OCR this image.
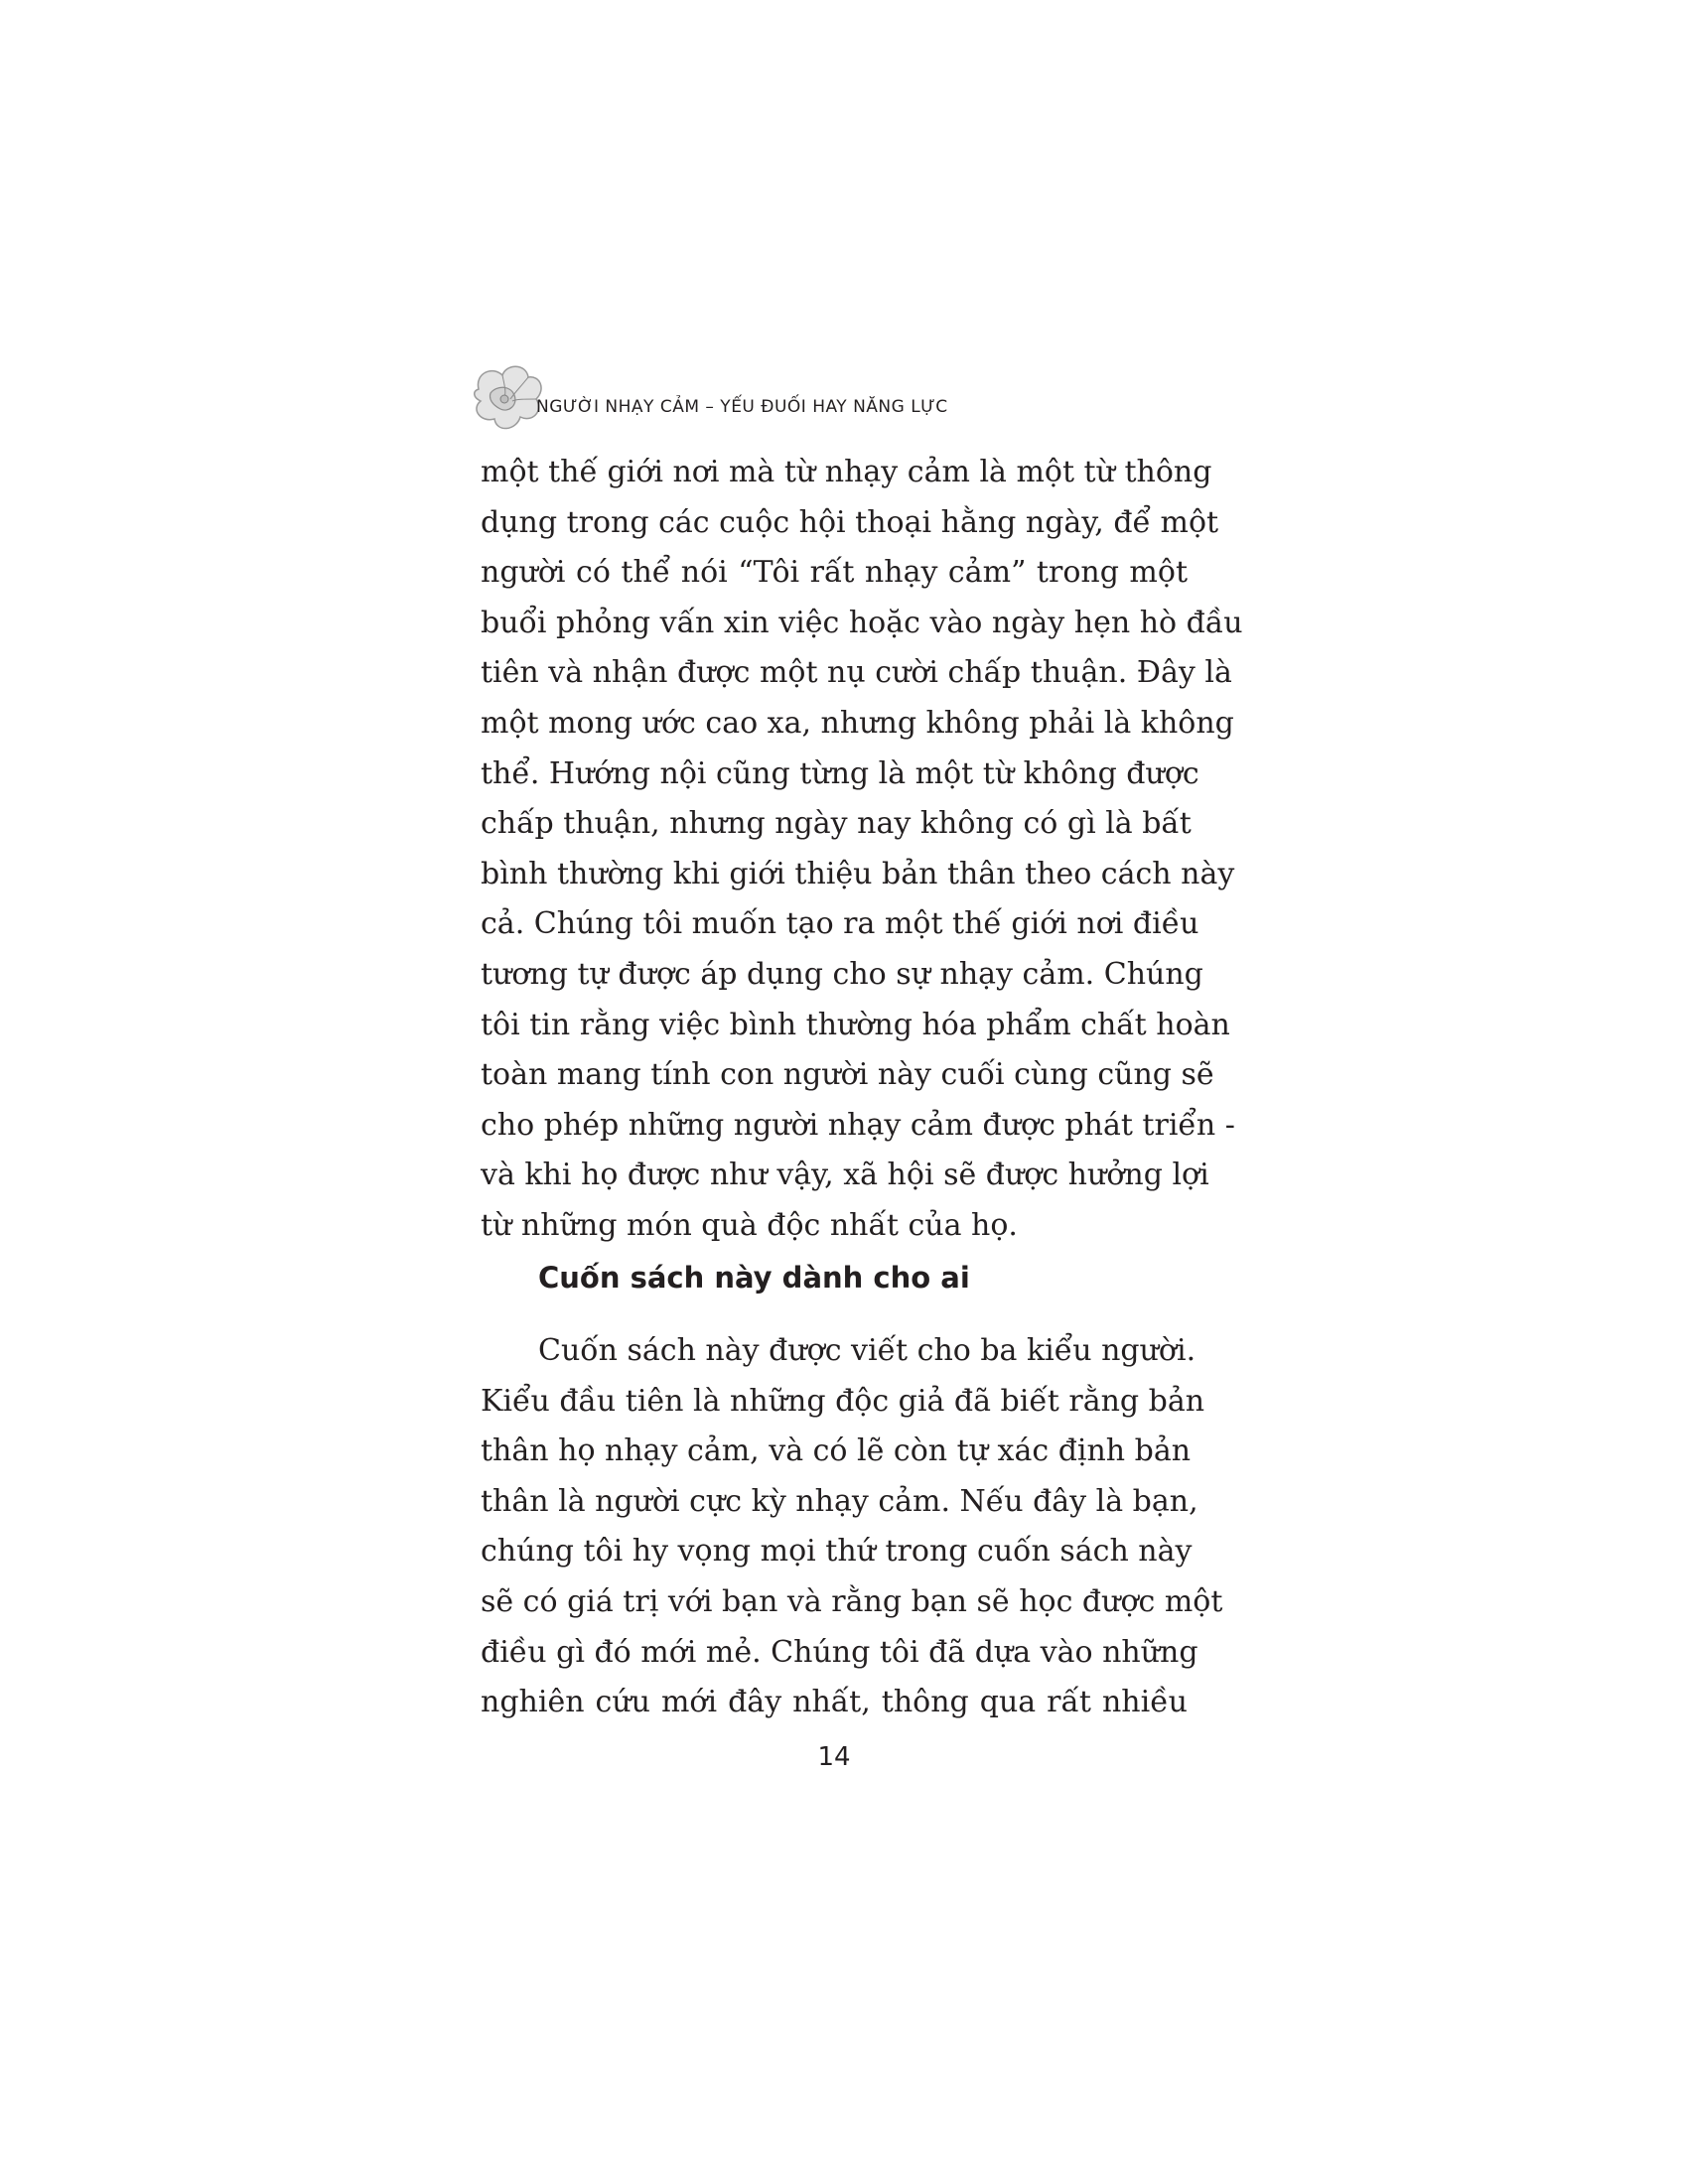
NGƯỜI NHẠY CẢM – YẾU ĐUỐI HAY NĂNG LỰC
một thế giới nơi mà từ nhạy cảm là một từ thông
dụng trong các cuộc hội thoại hằng ngày, để một
người có thể nói “Tôi rất nhạy cảm” trong một
buổi phỏng vấn xin việc hoặc vào ngày hẹn hò đầu
tiên và nhận được một nụ cười chấp thuận. Đây là
một mong ước cao xa, nhưng không phải là không
thể. Hướng nội cũng từng là một từ không được
chấp thuận, nhưng ngày nay không có gì là bất
bình thường khi giới thiệu bản thân theo cách này
cả. Chúng tôi muốn tạo ra một thế giới nơi điều
tương tự được áp dụng cho sự nhạy cảm. Chúng
tôi tin rằng việc bình thường hóa phẩm chất hoàn
toàn mang tính con người này cuối cùng cũng sẽ
cho phép những người nhạy cảm được phát triển -
và khi họ được như vậy, xã hội sẽ được hưởng lợi
từ những món quà độc nhất của họ.
Cuốn sách này dành cho ai
Cuốn sách này được viết cho ba kiểu người.
Kiểu đầu tiên là những độc giả đã biết rằng bản
thân họ nhạy cảm, và có lẽ còn tự xác định bản
thân là người cực kỳ nhạy cảm. Nếu đây là bạn,
chúng tôi hy vọng mọi thứ trong cuốn sách này
sẽ có giá trị với bạn và rằng bạn sẽ học được một
điều gì đó mới mẻ. Chúng tôi đã dựa vào những
nghiên cứu mới đây nhất, thông qua rất nhiều
14
